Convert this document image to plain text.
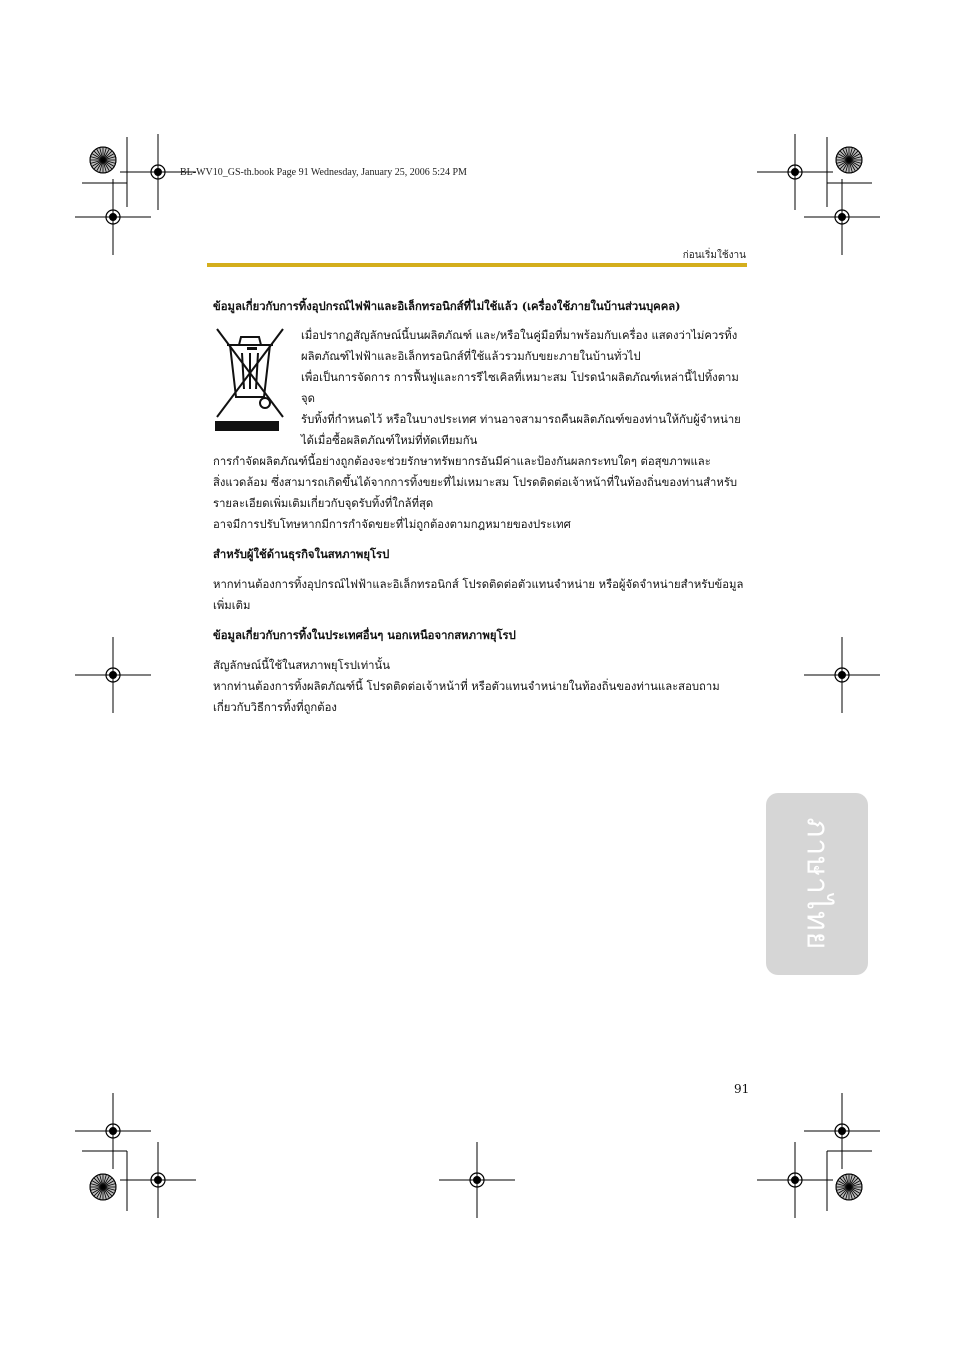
BL-WV10_GS-th.book Page 91 Wednesday, January 25, 2006 5:24 PM
ก่อนเริ่มใช้งาน

ข้อมูลเกี่ยวกับการทิ้งอุปกรณ์ไฟฟ้าและอิเล็กทรอนิกส์ที่ไม่ใช้แล้ว (เครื่องใช้ภายในบ้านส่วนบุคคล)

เมื่อปรากฏสัญลักษณ์นี้บนผลิตภัณฑ์ และ/หรือในคู่มือที่มาพร้อมกับเครื่อง แสดงว่าไม่ควรทิ้ง

ผลิตภัณฑ์ไฟฟ้าและอิเล็กทรอนิกส์ที่ใช้แล้วรวมกับขยะภายในบ้านทั่วไป

เพื่อเป็นการจัดการ การฟื้นฟูและการรีไซเคิลที่เหมาะสม โปรดนำผลิตภัณฑ์เหล่านี้ไปทิ้งตามจุด

รับทิ้งที่กำหนดไว้ หรือในบางประเทศ ท่านอาจสามารถคืนผลิตภัณฑ์ของท่านให้กับผู้จำหน่าย

ได้เมื่อซื้อผลิตภัณฑ์ใหม่ที่ทัดเทียมกัน

การกำจัดผลิตภัณฑ์นี้อย่างถูกต้องจะช่วยรักษาทรัพยากรอันมีค่าและป้องกันผลกระทบใดๆ ต่อสุขภาพและ

สิ่งแวดล้อม ซึ่งสามารถเกิดขึ้นได้จากการทิ้งขยะที่ไม่เหมาะสม โปรดติดต่อเจ้าหน้าที่ในท้องถิ่นของท่านสำหรับ

รายละเอียดเพิ่มเติมเกี่ยวกับจุดรับทิ้งที่ใกล้ที่สุด

อาจมีการปรับโทษหากมีการกำจัดขยะที่ไม่ถูกต้องตามกฎหมายของประเทศ

สำหรับผู้ใช้ด้านธุรกิจในสหภาพยุโรป

หากท่านต้องการทิ้งอุปกรณ์ไฟฟ้าและอิเล็กทรอนิกส์ โปรดติดต่อตัวแทนจำหน่าย หรือผู้จัดจำหน่ายสำหรับข้อมูล

เพิ่มเติม

ข้อมูลเกี่ยวกับการทิ้งในประเทศอื่นๆ นอกเหนือจากสหภาพยุโรป

สัญลักษณ์นี้ใช้ในสหภาพยุโรปเท่านั้น

หากท่านต้องการทิ้งผลิตภัณฑ์นี้ โปรดติดต่อเจ้าหน้าที่ หรือตัวแทนจำหน่ายในท้องถิ่นของท่านและสอบถาม

เกี่ยวกับวิธีการทิ้งที่ถูกต้อง

ภาษาไทย
91
